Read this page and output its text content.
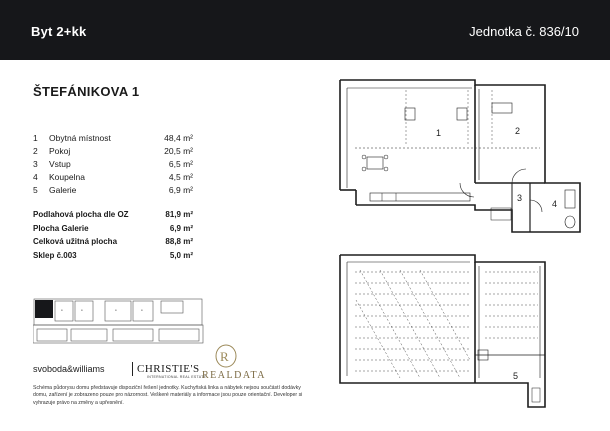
Byt 2+kk	Jednotka č. 836/10
ŠTEFÁNIKOVA 1
1 Obytná místnost	48,4 m²
2 Pokoj	20,5 m²
3 Vstup	6,5 m²
4 Koupelna	4,5 m²
5 Galerie	6,9 m²
Podlahová plocha dle OZ	81,9 m²
Plocha Galerie	6,9 m²
Celková užitná plocha	88,8 m²
Sklep č.003	5,0 m²
●	●	●	●
svoboda&williams	CHRISTIE'S
INTERNATIONAL REAL ESTATE
R
REALDATA
Schéma půdorysu domu představuje dispoziční řešení jednotky. Kuchyňská linka a nábytek nejsou součástí dodávky domu, zařízení je zobrazeno pouze pro názornost. Veškeré materiály a informace jsou pouze orientační. Developer si vyhrazuje právo na změny a upřesnění.
1	2
3
4
5
